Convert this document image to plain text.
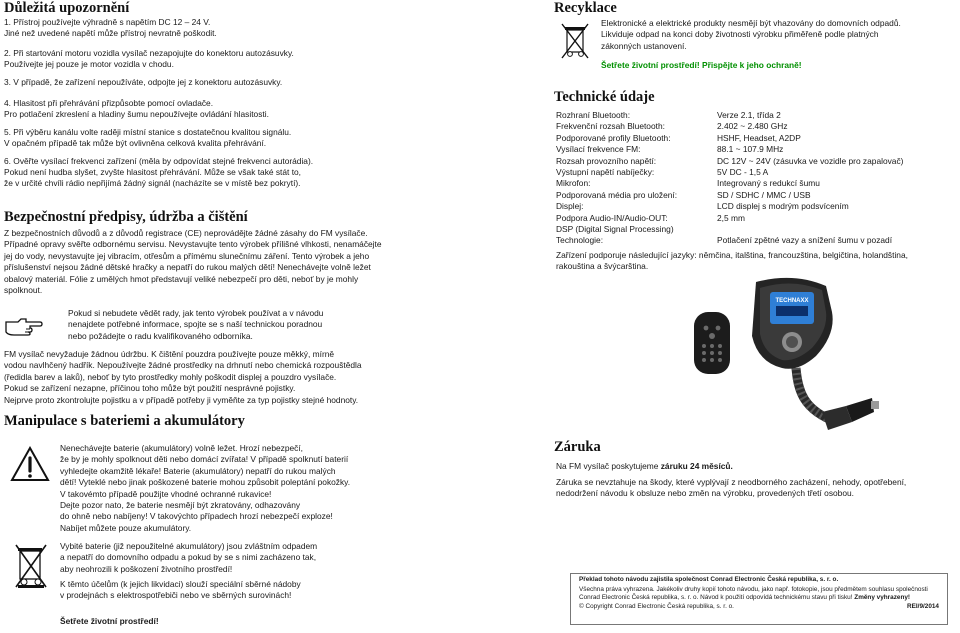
Důležitá upozornění

1. Přístroj používejte výhradně s napětím DC 12 – 24 V.
Jiné než uvedené napětí může přístroj nevratně poškodit.

2. Při startování motoru vozidla vysílač nezapojujte do konektoru autozásuvky.
Používejte jej pouze je motor vozidla v chodu.

3. V případě, že zařízení nepoužíváte, odpojte jej z konektoru autozásuvky.

4. Hlasitost při přehrávání přizpůsobte pomocí ovladače.
Pro potlačení zkreslení a hladiny šumu nepoužívejte ovládání hlasitosti.

5. Při výběru kanálu volte raději místní stanice s dostatečnou kvalitou signálu.
V opačném případě tak může být ovlivněna celková kvalita přehrávání.

6. Ověřte vysílací frekvenci zařízení (měla by odpovídat stejné frekvenci autorádia).
Pokud není hudba slyšet, zvyšte hlasitost přehrávání. Může se však také stát to,
že v určité chvíli rádio nepřijímá žádný signál (nacházíte se v místě bez pokrytí).

Bezpečnostní předpisy, údržba a čištění
Z bezpečnostních důvodů a z důvodů registrace (CE) neprovádějte žádné zásahy do FM vysílače.
Případné opravy svěřte odbornému servisu. Nevystavujte tento výrobek přílišné vlhkosti, nenamáčejte
jej do vody, nevystavujte jej vibracím, otřesům a přímému slunečnímu záření. Tento výrobek a jeho
příslušenství nejsou žádné dětské hračky a nepatří do rukou malých dětí! Nenechávejte volně ležet
obalový materiál. Fólie z umělých hmot představují veliké nebezpečí pro děti, neboť by je mohly
spolknout.
Pokud si nebudete vědět rady, jak tento výrobek používat a v návodu
nenajdete potřebné informace, spojte se s naší technickou poradnou
nebo požádejte o radu kvalifikovaného odborníka.
FM vysílač nevyžaduje žádnou údržbu. K čištění pouzdra používejte pouze měkký, mírně
vodou navlhčený hadřík. Nepoužívejte žádné prostředky na drhnutí nebo chemická rozpouštědla
(ředidla barev a laků), neboť by tyto prostředky mohly poškodit displej a pouzdro vysílače.
Pokud se zařízení nezapne, příčinou toho může být použití nesprávné pojistky.
Nejprve proto zkontrolujte pojistku a v případě potřeby ji vyměňte za typ pojistky stejné hodnoty.
Manipulace s bateriemi a akumulátory
Nenechávejte baterie (akumulátory) volně ležet. Hrozí nebezpečí,
že by je mohly spolknout děti nebo domácí zvířata! V případě spolknutí baterií
vyhledejte okamžitě lékaře! Baterie (akumulátory) nepatří do rukou malých
dětí! Vyteklé nebo jinak poškozené baterie mohou způsobit poleptání pokožky.
V takovémto případě použijte vhodné ochranné rukavice!
Dejte pozor nato, že baterie nesmějí být zkratovány, odhazovány
do ohně nebo nabíjeny! V takovýchto případech hrozí nebezpečí exploze!
Nabíjet můžete pouze akumulátory.
Vybité baterie (již nepoužitelné akumulátory) jsou zvláštním odpadem
a nepatří do domovního odpadu a pokud by se s nimi zacházeno tak,
aby neohrozili k poškození životního prostředí!
K těmto účelům (k jejich likvidaci) slouží speciální sběrné nádoby
v prodejnách s elektrospotřebiči nebo ve sběrných surovinách!
Šetřete životní prostředí!
Recyklace
Elektronické a elektrické produkty nesmějí být vhazovány do domovních odpadů.
Likviduje odpad na konci doby životnosti výrobku přiměřeně podle platných
zákonných ustanovení.
Šetřete životní prostředí! Přispějte k jeho ochraně!
Technické údaje
Rozhraní Bluetooth:	Verze 2.1, třída 2
Frekvenční rozsah Bluetooth:	2.402 ~ 2.480 GHz
Podporované profily Bluetooth:	HSHF, Headset, A2DP
Vysílací frekvence FM:	88.1 ~ 107.9 MHz
Rozsah provozního napětí:	DC 12V ~ 24V (zásuvka ve vozidle pro zapalovač)
Výstupní napětí nabíječky:	5V DC - 1,5 A
Mikrofon:	Integrovaný s redukcí šumu
Podporovaná média pro uložení:	SD / SDHC / MMC / USB
Displej:	LCD displej s modrým podsvícením
Podpora Audio-IN/Audio-OUT:	2,5 mm
DSP (Digital Signal Processing)
Technologie:	Potlačení zpětné vazy a snížení šumu v pozadí
Zařízení podporuje následující jazyky: němčina, italština, francouzština, belgičtina, holandština,
rakouština a švýcarština.
TECHNAXX
Záruka
Na FM vysílač poskytujeme záruku 24 měsíců.
Záruka se nevztahuje na škody, které vyplývají z neodborného zacházení, nehody, opotřebení,
nedodržení návodu k obsluze nebo změn na výrobku, provedených třetí osobou.
Překlad tohoto návodu zajistila společnost Conrad Electronic Česká republika, s. r. o.
Všechna práva vyhrazena. Jakékoliv druhy kopií tohoto návodu, jako např. fotokopie, jsou předmětem souhlasu společnosti
Conrad Electronic Česká republika, s. r. o. Návod k použití odpovídá technickému stavu při tisku! Změny vyhrazeny!
© Copyright Conrad Electronic Česká republika, s. r. o.	REI/9/2014
